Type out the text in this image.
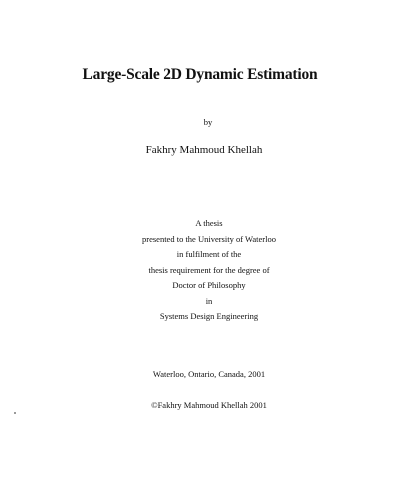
Large-Scale 2D Dynamic Estimation
by
Fakhry Mahmoud Khellah
A thesis
presented to the University of Waterloo
in fulfilment of the
thesis requirement for the degree of
Doctor of Philosophy
in
Systems Design Engineering
Waterloo, Ontario, Canada, 2001
©Fakhry Mahmoud Khellah 2001
